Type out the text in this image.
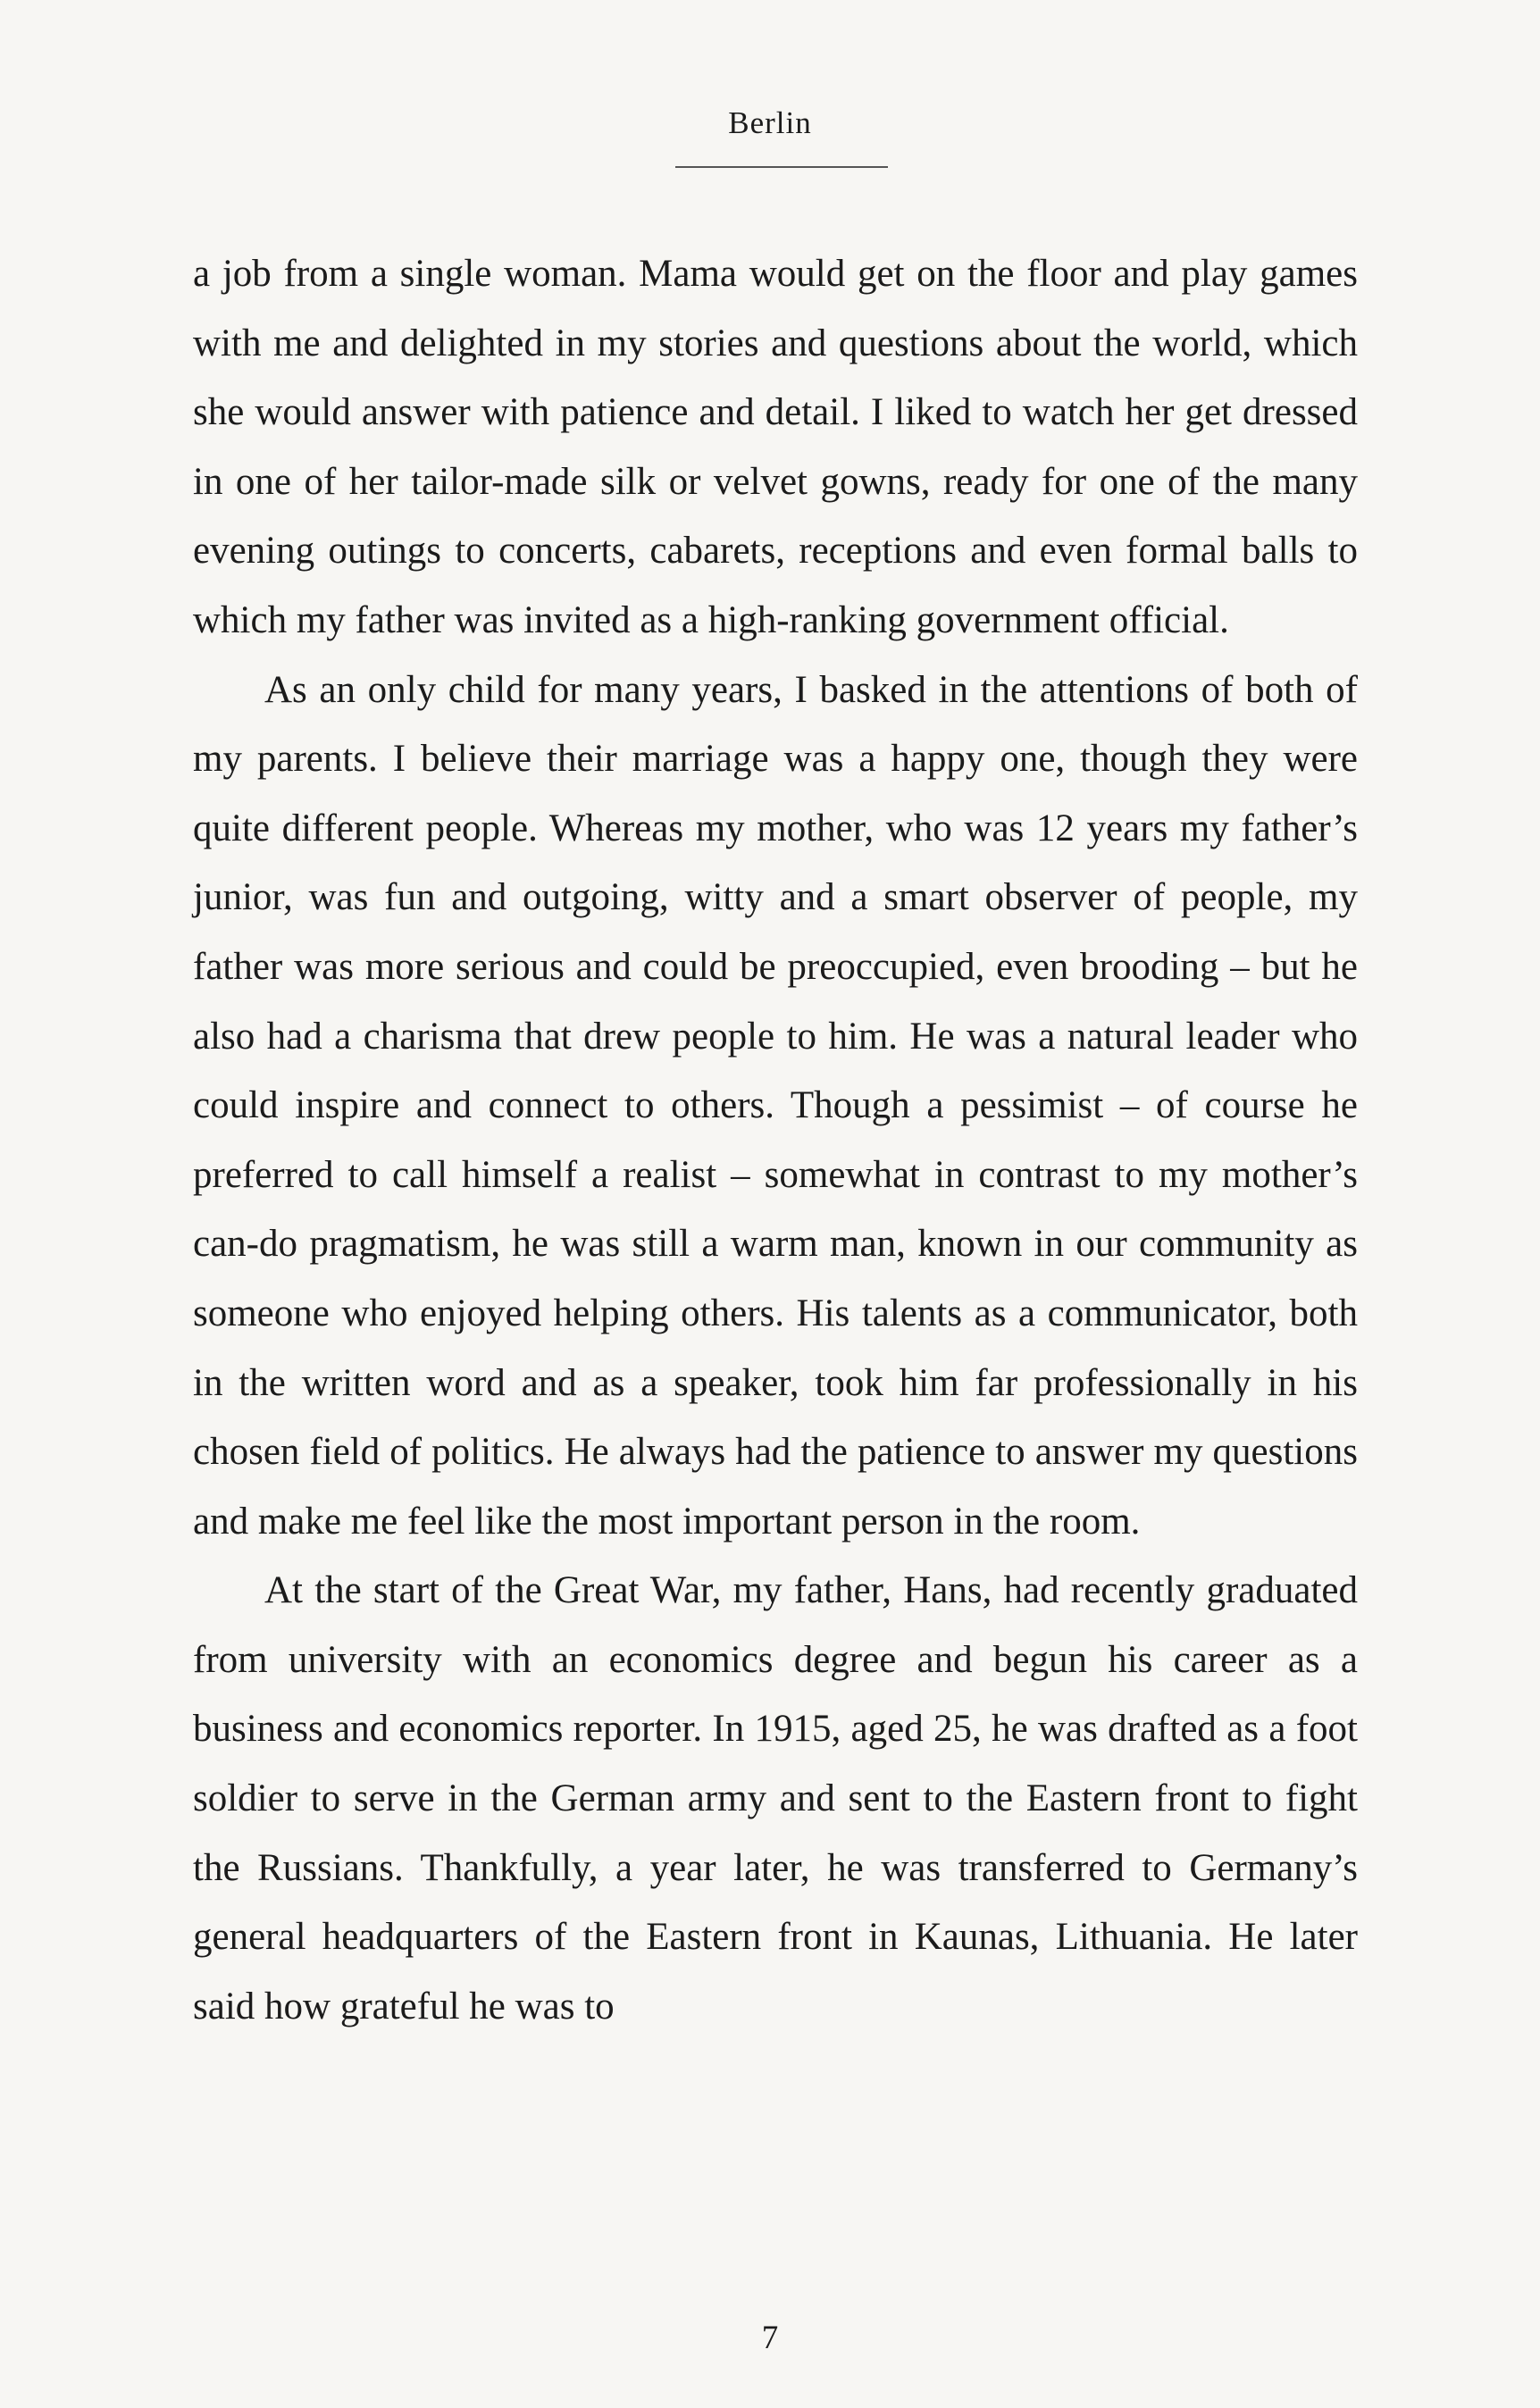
Berlin

a job from a single woman. Mama would get on the floor and play games with me and delighted in my stories and questions about the world, which she would answer with patience and detail. I liked to watch her get dressed in one of her tailor-made silk or velvet gowns, ready for one of the many evening outings to concerts, cabarets, receptions and even formal balls to which my father was invited as a high-ranking government official.

As an only child for many years, I basked in the attentions of both of my parents. I believe their marriage was a happy one, though they were quite different people. Whereas my mother, who was 12 years my father’s junior, was fun and outgoing, witty and a smart observer of people, my father was more serious and could be preoccupied, even brooding – but he also had a charisma that drew people to him. He was a natural leader who could inspire and connect to others. Though a pessimist – of course he preferred to call himself a realist – somewhat in contrast to my mother’s can-do pragmatism, he was still a warm man, known in our community as someone who enjoyed helping others. His talents as a communicator, both in the written word and as a speaker, took him far professionally in his chosen field of politics. He always had the patience to answer my questions and make me feel like the most important person in the room.

At the start of the Great War, my father, Hans, had recently graduated from university with an economics degree and begun his career as a business and economics reporter. In 1915, aged 25, he was drafted as a foot soldier to serve in the German army and sent to the Eastern front to fight the Russians. Thankfully, a year later, he was transferred to Germany’s general headquarters of the Eastern front in Kaunas, Lithuania. He later said how grateful he was to

7
